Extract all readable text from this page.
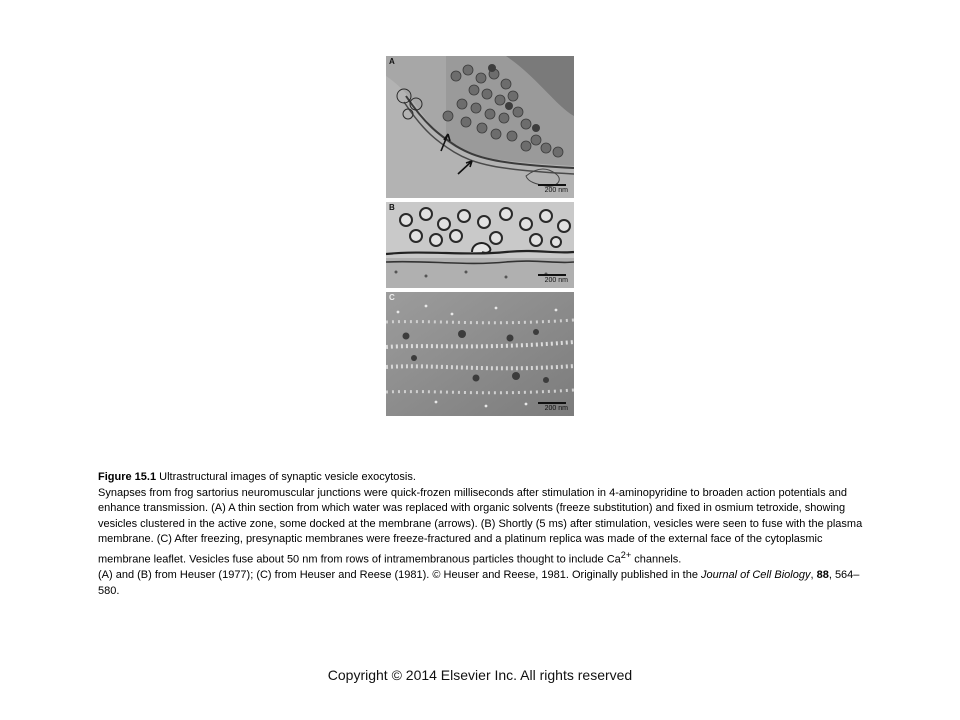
A
200 nm
B
200 nm
C
200 nm

Figure 15.1 Ultrastructural images of synaptic vesicle exocytosis.

Synapses from frog sartorius neuromuscular junctions were quick-frozen milliseconds after stimulation in 4-aminopyridine to broaden action potentials and enhance transmission. (A) A thin section from which water was replaced with organic solvents (freeze substitution) and fixed in osmium tetroxide, showing vesicles clustered in the active zone, some docked at the membrane (arrows). (B) Shortly (5 ms) after stimulation, vesicles were seen to fuse with the plasma membrane. (C) After freezing, presynaptic membranes were freeze-fractured and a platinum replica was made of the external face of the cytoplasmic membrane leaflet. Vesicles fuse about 50 nm from rows of intramembranous particles thought to include $Ca^{2+}$ channels.

(A) and (B) from Heuser (1977); (C) from Heuser and Reese (1981). © Heuser and Reese, 1981. Originally published in the Journal of Cell Biology, 88, 564–580.

Copyright © 2014 Elsevier Inc. All rights reserved
